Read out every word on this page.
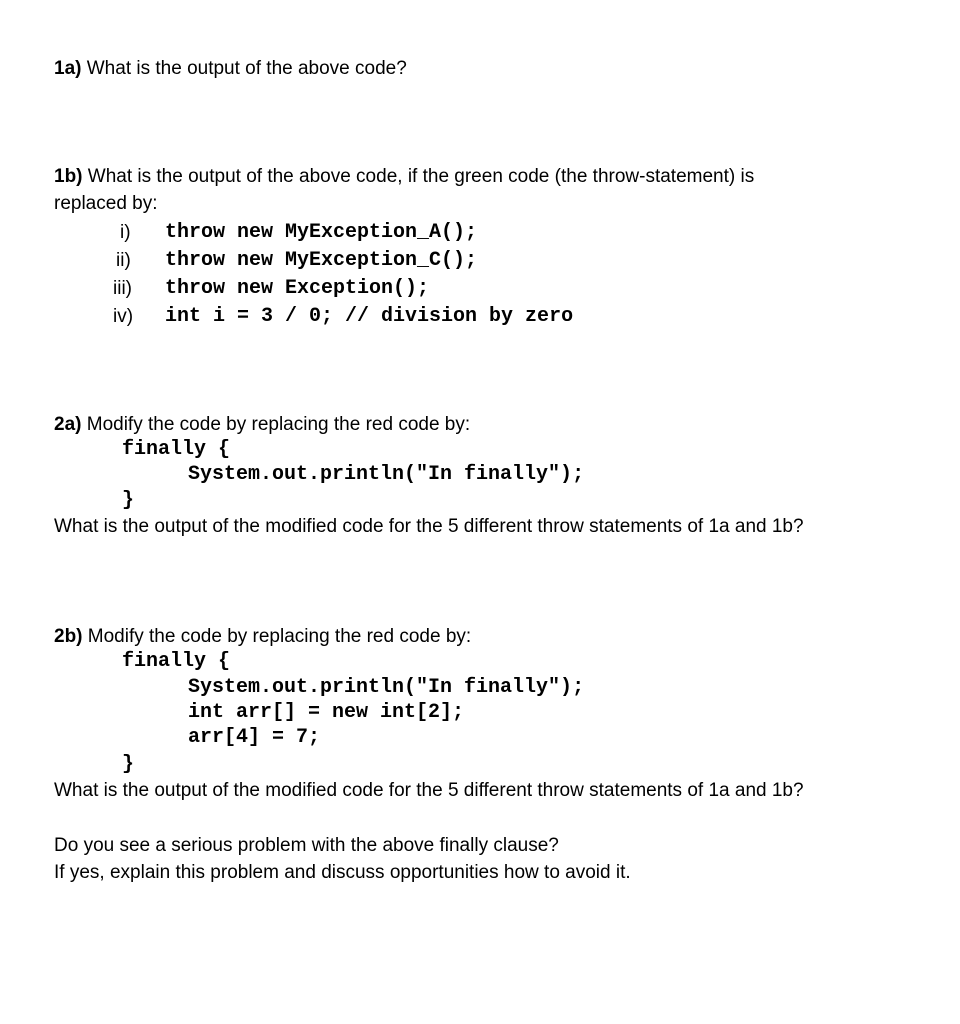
1a) What is the output of the above code?
1b) What is the output of the above code, if the green code (the throw-statement) is
replaced by:
i) throw new MyException_A();
ii) throw new MyException_C();
iii) throw new Exception();
iv) int i = 3 / 0; // division by zero
2a) Modify the code by replacing the red code by:
finally {
System.out.println("In finally");
}
What is the output of the modified code for the 5 different throw statements of 1a and 1b?
2b) Modify the code by replacing the red code by:
finally {
System.out.println("In finally");
int arr[] = new int[2];
arr[4] = 7;
}
What is the output of the modified code for the 5 different throw statements of 1a and 1b?
Do you see a serious problem with the above finally clause?
If yes, explain this problem and discuss opportunities how to avoid it.
